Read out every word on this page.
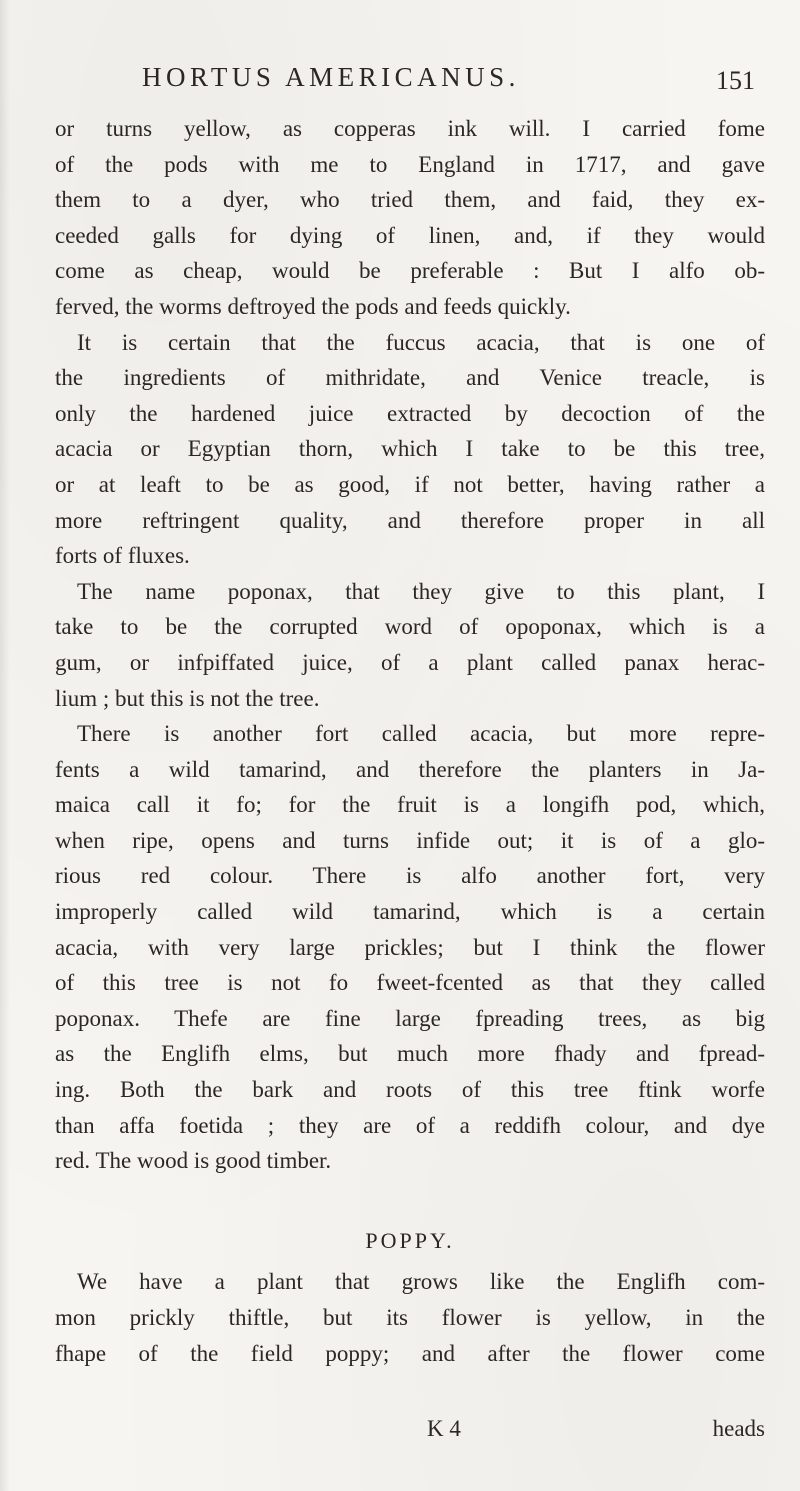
HORTUS AMERICANUS.	151

or turns yellow, as copperas ink will. I carried fome
of the pods with me to England in 1717, and gave
them to a dyer, who tried them, and faid, they ex-
ceeded galls for dying of linen, and, if they would
come as cheap, would be preferable : But I alfo ob-
ferved, the worms deftroyed the pods and feeds quickly.

It is certain that the fuccus acacia, that is one of
the ingredients of mithridate, and Venice treacle, is
only the hardened juice extracted by decoction of the
acacia or Egyptian thorn, which I take to be this tree,
or at leaft to be as good, if not better, having rather a
more reftringent quality, and therefore proper in all
forts of fluxes.

The name poponax, that they give to this plant, I
take to be the corrupted word of opoponax, which is a
gum, or infpiffated juice, of a plant called panax herac-
lium ; but this is not the tree.

There is another fort called acacia, but more repre-
fents a wild tamarind, and therefore the planters in Ja-
maica call it fo; for the fruit is a longifh pod, which,
when ripe, opens and turns infide out; it is of a glo-
rious red colour. There is alfo another fort, very
improperly called wild tamarind, which is a certain
acacia, with very large prickles; but I think the flower
of this tree is not fo fweet-fcented as that they called
poponax. Thefe are fine large fpreading trees, as big
as the Englifh elms, but much more fhady and fpread-
ing. Both the bark and roots of this tree ftink worfe
than affa foetida ; they are of a reddifh colour, and dye
red. The wood is good timber.

POPPY.

We have a plant that grows like the Englifh com-
mon prickly thiftle, but its flower is yellow, in the
fhape of the field poppy; and after the flower come

K 4	heads
